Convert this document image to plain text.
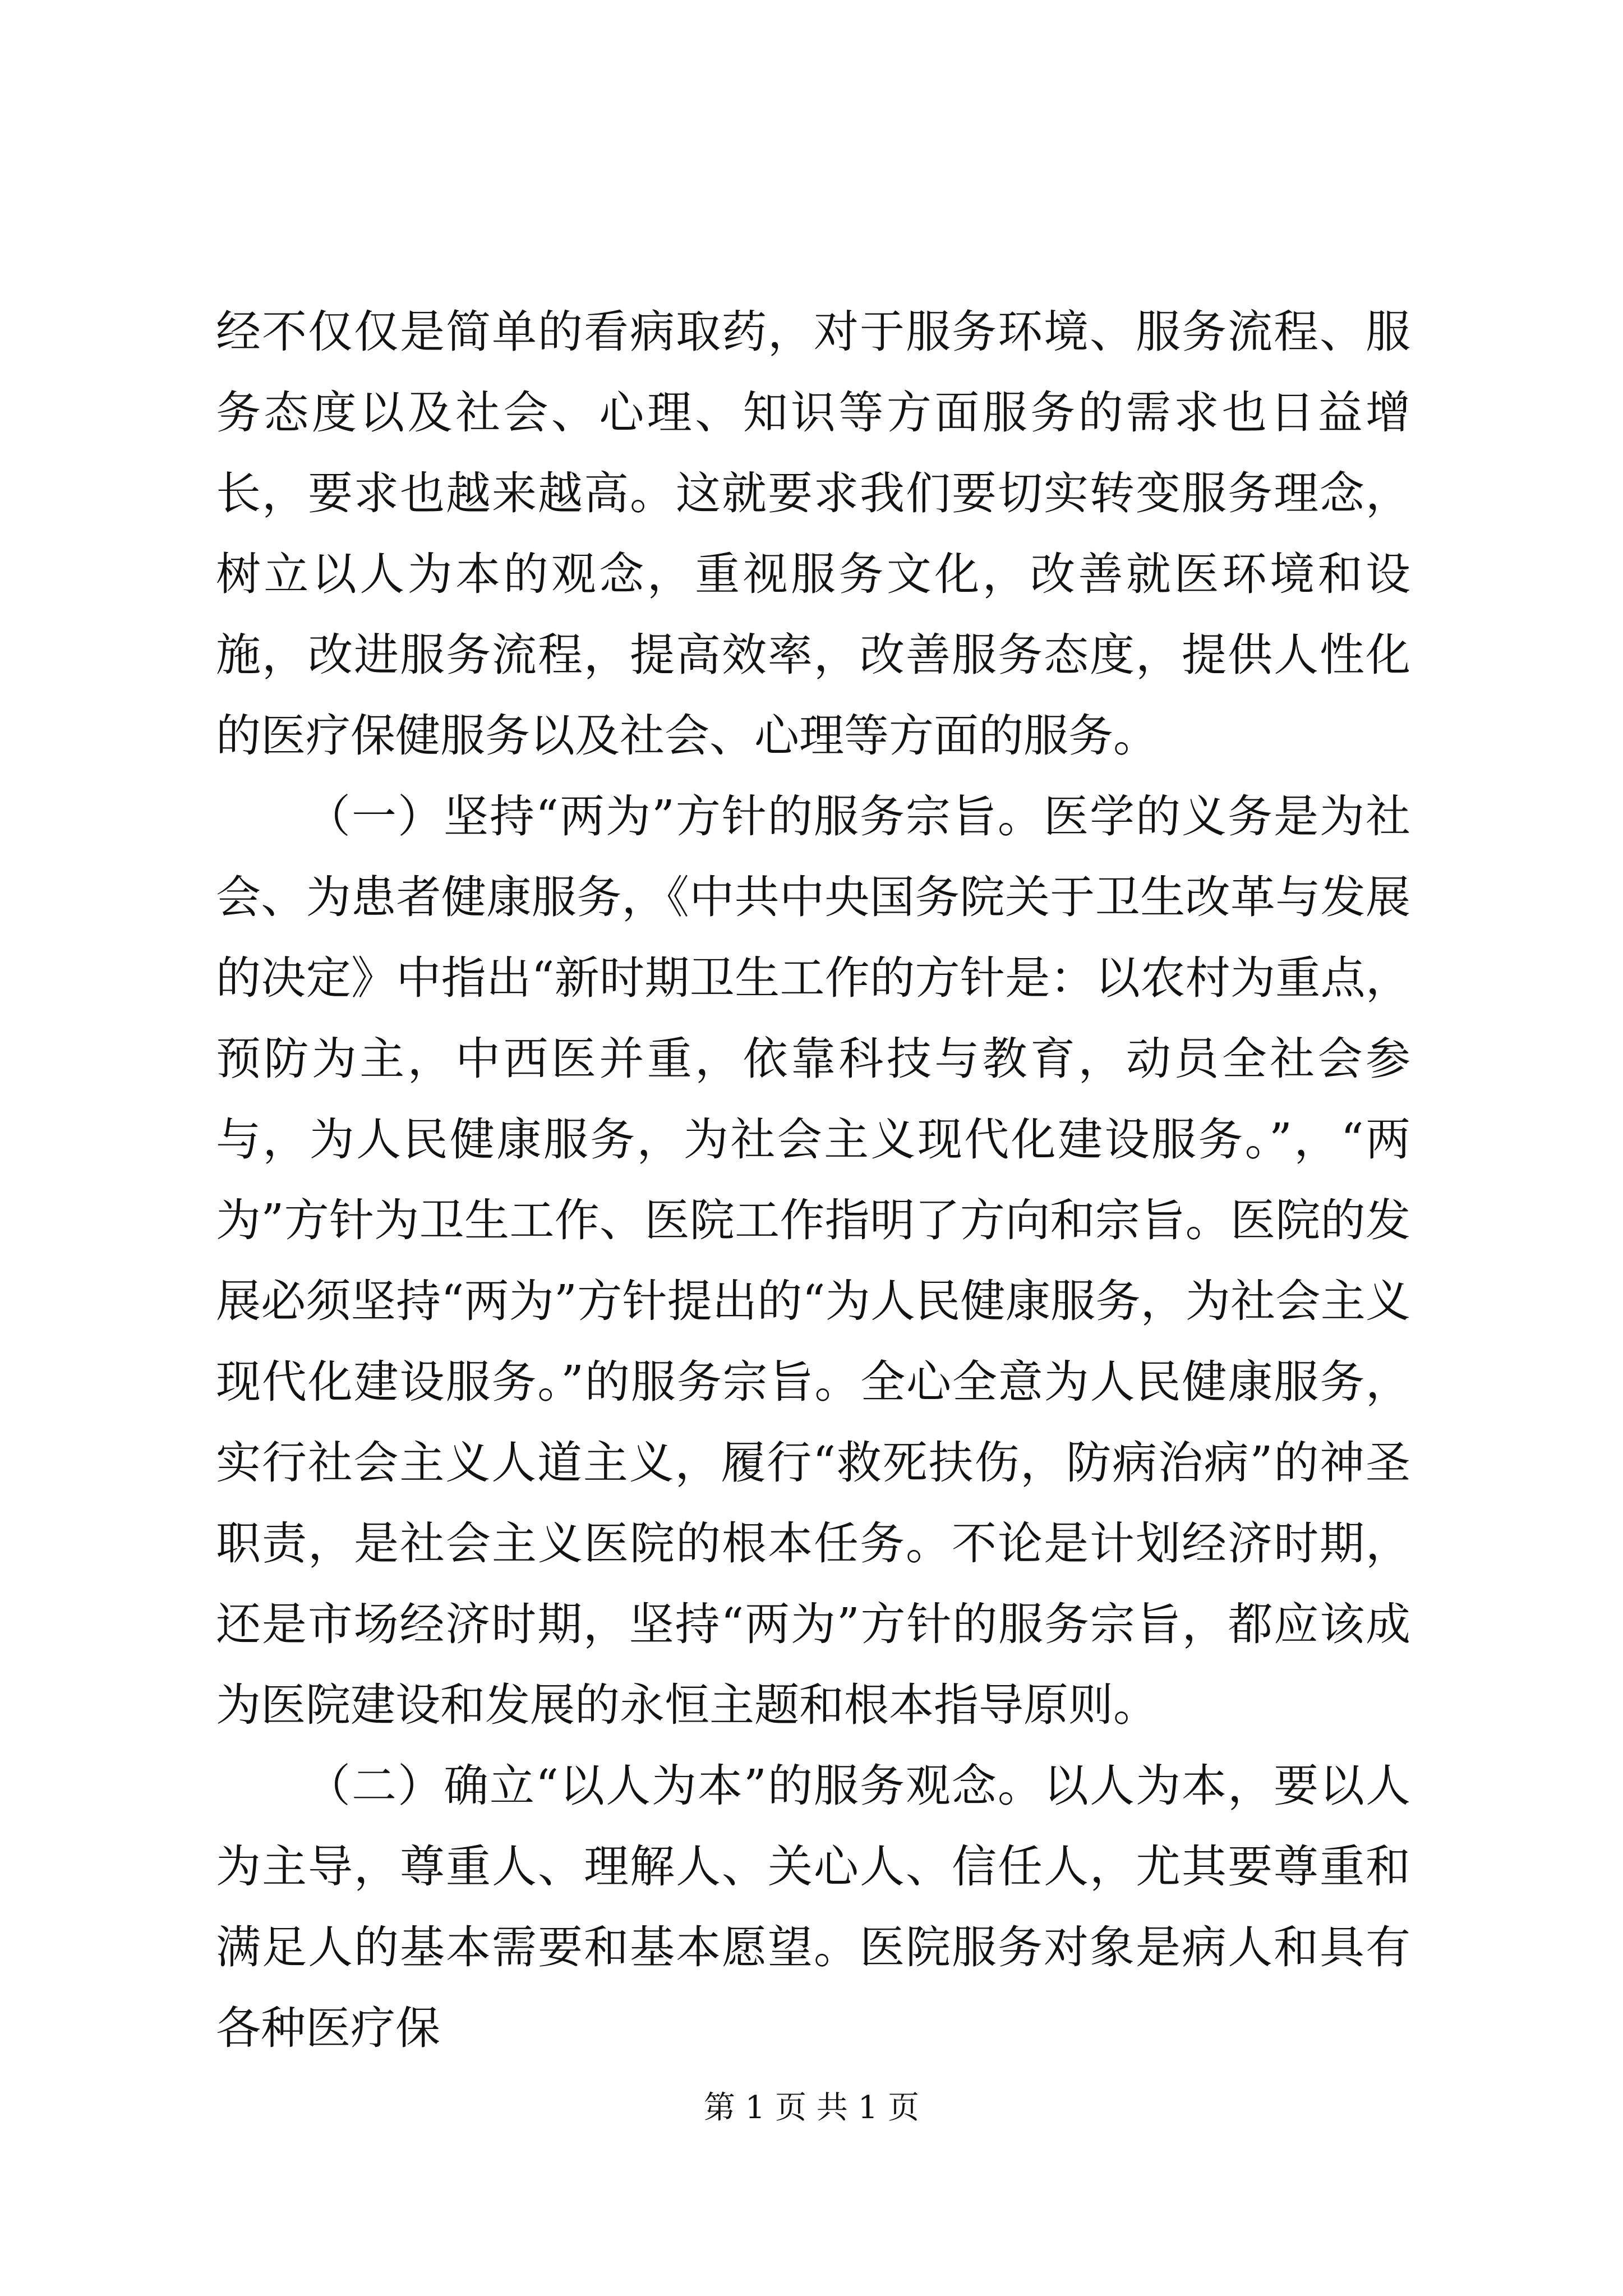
经不仅仅是简单的看病取药，对于服务环境、服务流程、服务态度以及社会、心理、知识等方面服务的需求也日益增长，要求也越来越高。这就要求我们要切实转变服务理念，树立以人为本的观念，重视服务文化，改善就医环境和设施，改进服务流程，提高效率，改善服务态度，提供人性化的医疗保健服务以及社会、心理等方面的服务。

（一）坚持“两为”方针的服务宗旨。医学的义务是为社会、为患者健康服务，《中共中央国务院关于卫生改革与发展的决定》中指出“新时期卫生工作的方针是：以农村为重点，预防为主，中西医并重，依靠科技与教育，动员全社会参与，为人民健康服务，为社会主义现代化建设服务。”，“两为”方针为卫生工作、医院工作指明了方向和宗旨。医院的发展必须坚持“两为”方针提出的“为人民健康服务，为社会主义现代化建设服务。”的服务宗旨。全心全意为人民健康服务，实行社会主义人道主义，履行“救死扶伤，防病治病”的神圣职责，是社会主义医院的根本任务。不论是计划经济时期，还是市场经济时期，坚持“两为”方针的服务宗旨，都应该成为医院建设和发展的永恒主题和根本指导原则。

（二）确立“以人为本”的服务观念。以人为本，要以人为主导，尊重人、理解人、关心人、信任人，尤其要尊重和满足人的基本需要和基本愿望。医院服务对象是病人和具有各种医疗保

第 1 页 共 1 页
